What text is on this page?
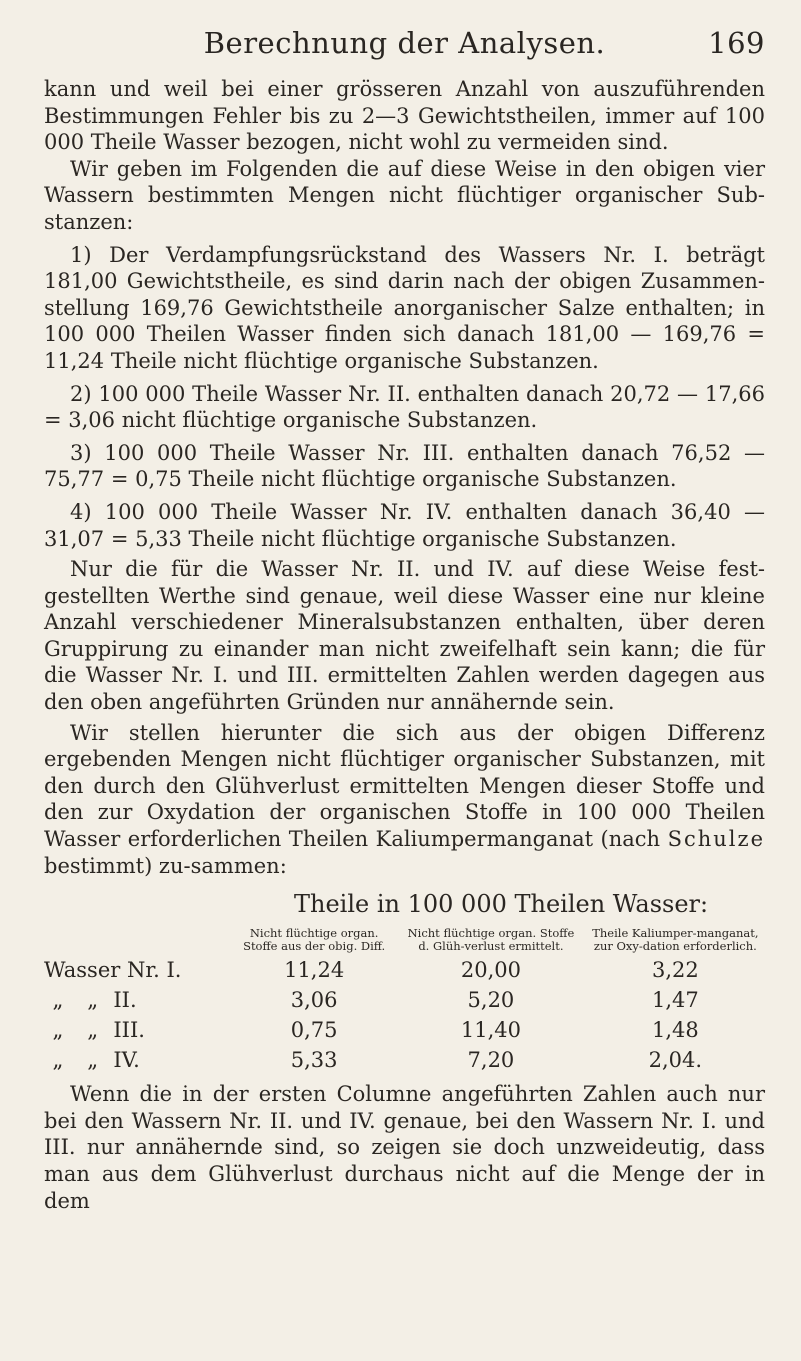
Berechnung der Analysen.	169

kann und weil bei einer grösseren Anzahl von auszuführenden Bestimmungen Fehler bis zu 2—3 Gewichtstheilen, immer auf 100 000 Theile Wasser bezogen, nicht wohl zu vermeiden sind.

Wir geben im Folgenden die auf diese Weise in den obigen vier Wassern bestimmten Mengen nicht flüchtiger organischer Sub- stanzen:

1) Der Verdampfungsrückstand des Wassers Nr. I. beträgt 181,00 Gewichtstheile, es sind darin nach der obigen Zusammen- stellung 169,76 Gewichtstheile anorganischer Salze enthalten; in 100 000 Theilen Wasser finden sich danach 181,00 — 169,76 = 11,24 Theile nicht flüchtige organische Substanzen.

2) 100 000 Theile Wasser Nr. II. enthalten danach 20,72 — 17,66 = 3,06 nicht flüchtige organische Substanzen.

3) 100 000 Theile Wasser Nr. III. enthalten danach 76,52 — 75,77 = 0,75 Theile nicht flüchtige organische Substanzen.

4) 100 000 Theile Wasser Nr. IV. enthalten danach 36,40 — 31,07 = 5,33 Theile nicht flüchtige organische Substanzen.

Nur die für die Wasser Nr. II. und IV. auf diese Weise fest- gestellten Werthe sind genaue, weil diese Wasser eine nur kleine Anzahl verschiedener Mineralsubstanzen enthalten, über deren Gruppirung zu einander man nicht zweifelhaft sein kann; die für die Wasser Nr. I. und III. ermittelten Zahlen werden dagegen aus den oben angeführten Gründen nur annähernde sein.

Wir stellen hierunter die sich aus der obigen Differenz ergebenden Mengen nicht flüchtiger organischer Substanzen, mit den durch den Glühverlust ermittelten Mengen dieser Stoffe und den zur Oxydation der organischen Stoffe in 100 000 Theilen Wasser erforderlichen Theilen Kaliumpermanganat (nach Schulze bestimmt) zu-sammen:

Theile in 100 000 Theilen Wasser:
	Nicht flüchtige organ. Stoffe aus der obig. Diff.	Nicht flüchtige organ. Stoffe d. Glüh-verlust ermittelt.	Theile Kaliumper-manganat, zur Oxy-dation erforderlich.
Wasser Nr. I.	11,24	20,00	3,22
„ „ II.	3,06	5,20	1,47
„ „ III.	0,75	11,40	1,48
„ „ IV.	5,33	7,20	2,04.

Wenn die in der ersten Columne angeführten Zahlen auch nur bei den Wassern Nr. II. und IV. genaue, bei den Wassern Nr. I. und III. nur annähernde sind, so zeigen sie doch unzweideutig, dass man aus dem Glühverlust durchaus nicht auf die Menge der in dem
